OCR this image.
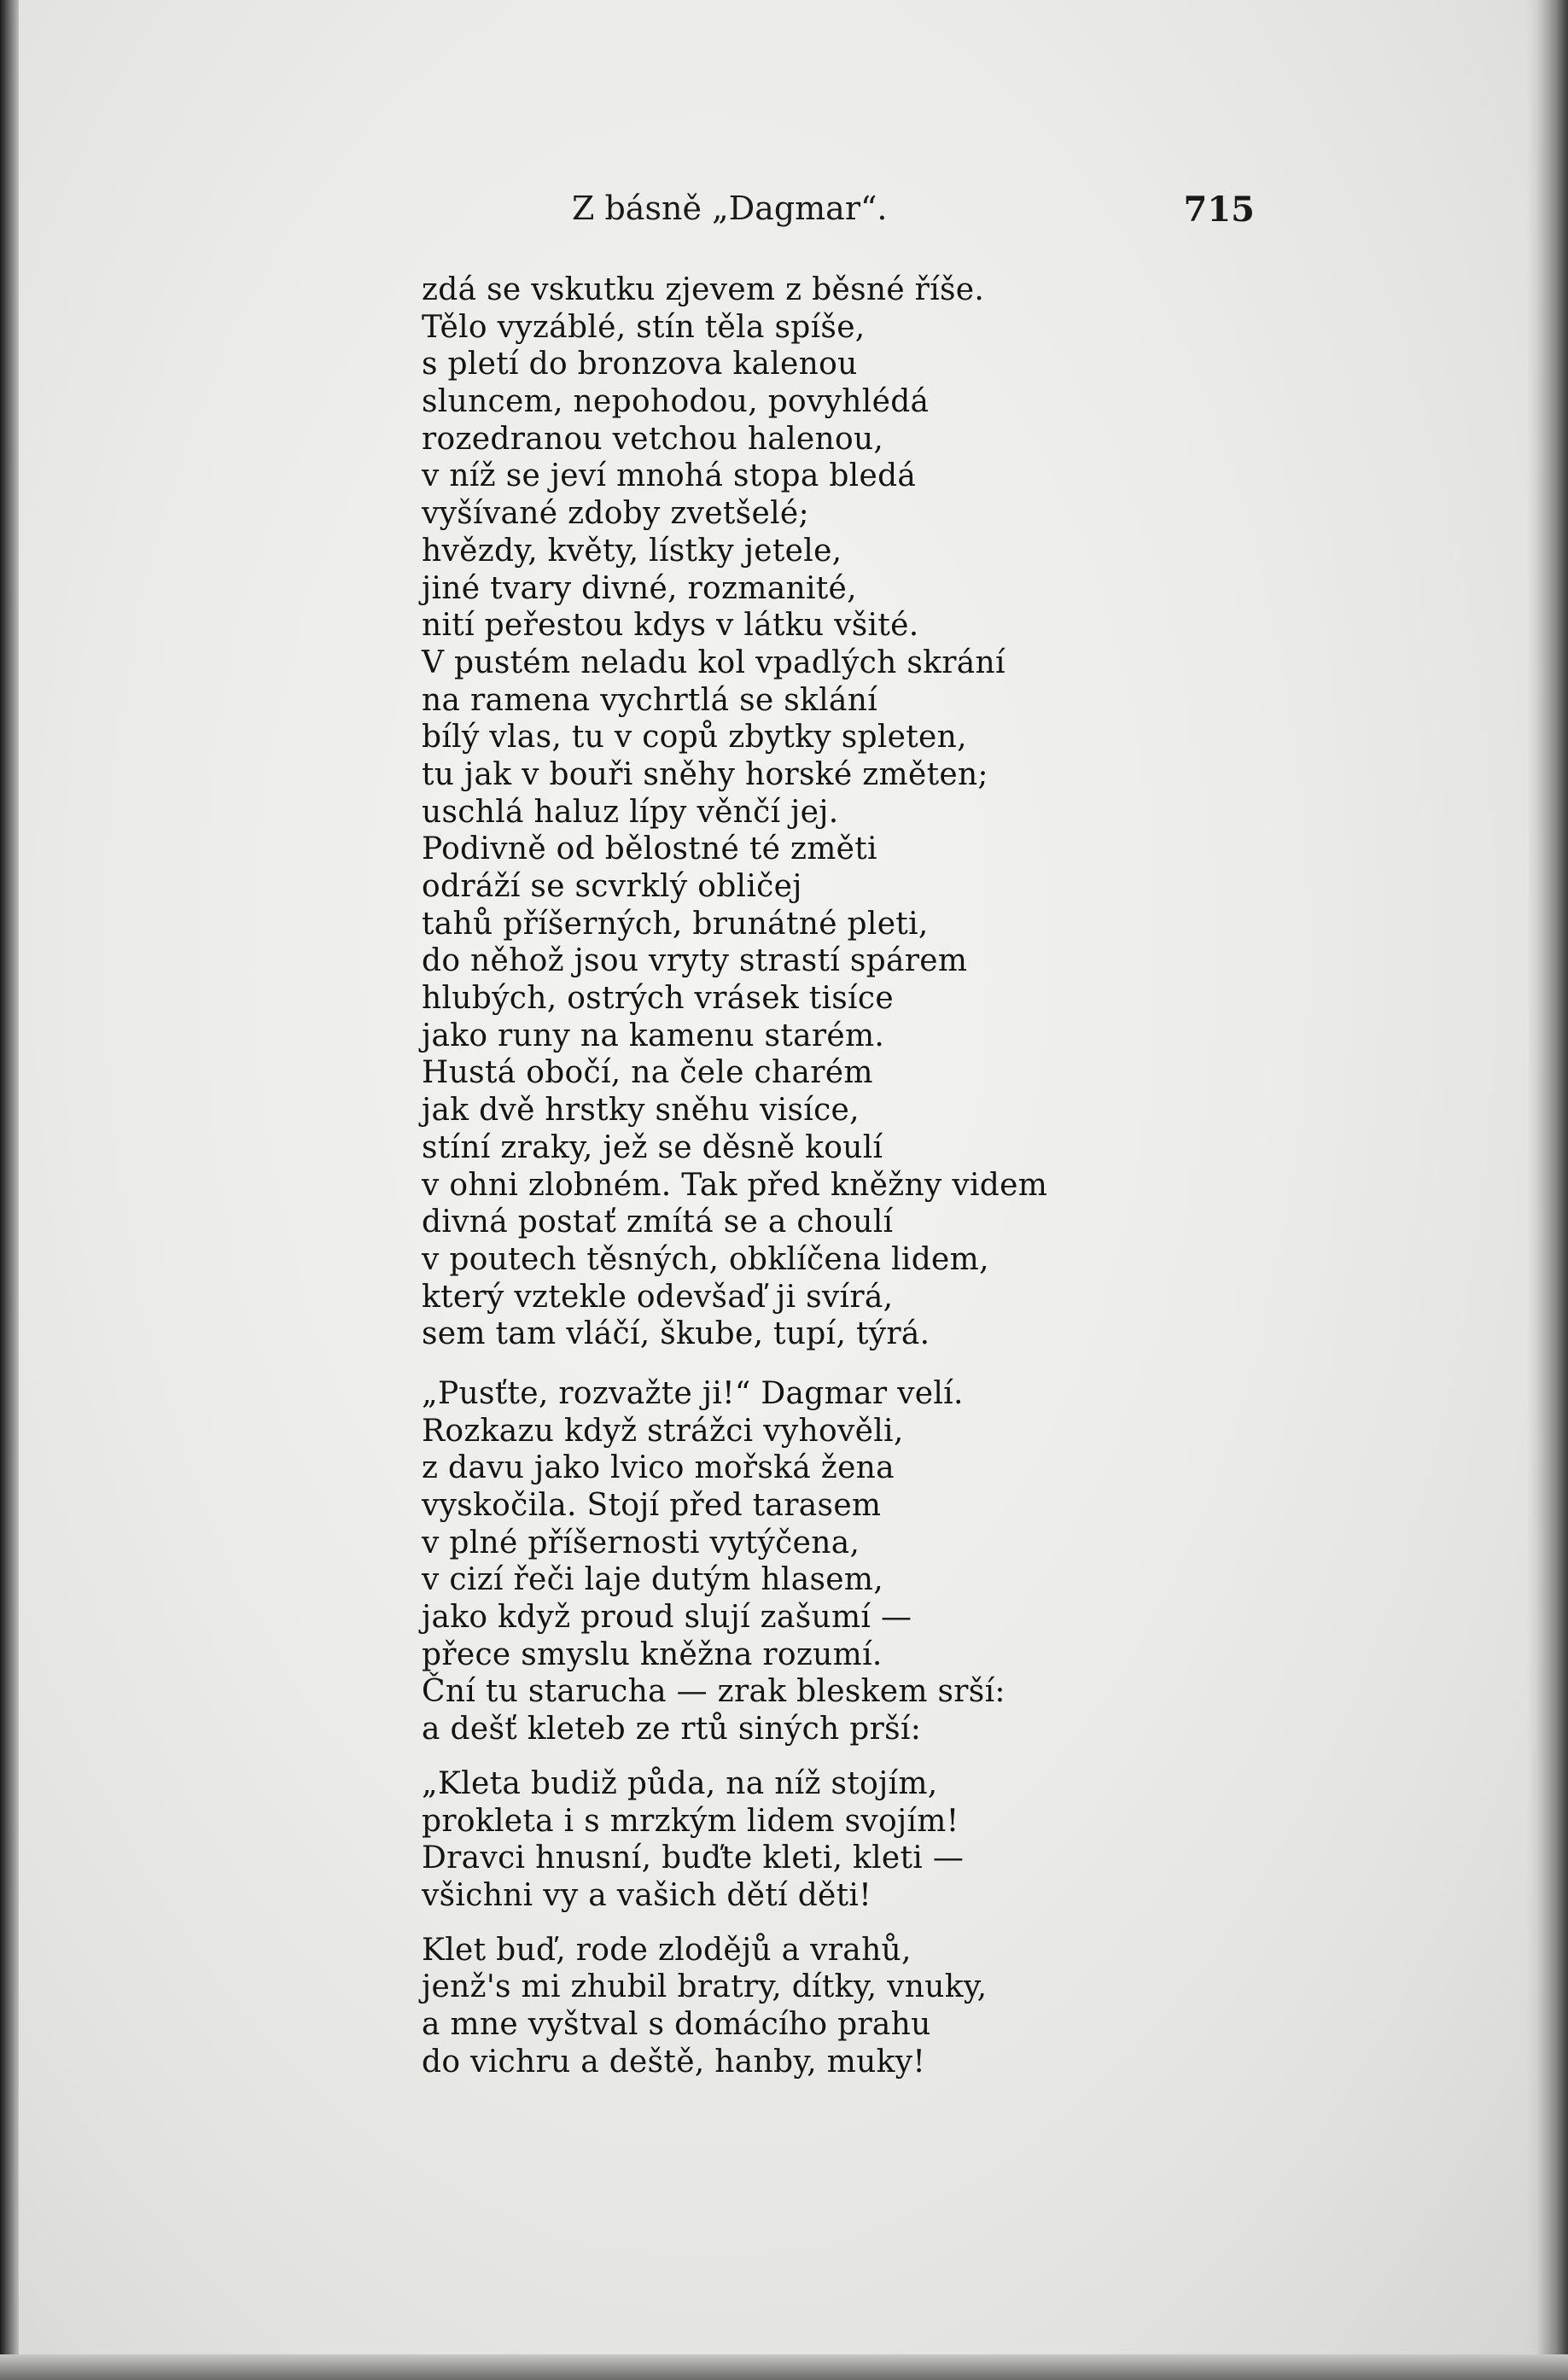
Z básně „Dagmar“.	715
zdá se vskutku zjevem z běsné říše.
Tělo vyzáblé, stín těla spíše,
s pletí do bronzova kalenou
sluncem, nepohodou, povyhlédá
rozedranou vetchou halenou,
v níž se jeví mnohá stopa bledá
vyšívané zdoby zvetšelé;
hvězdy, květy, lístky jetele,
jiné tvary divné, rozmanité,
nití peřestou kdys v látku všité.
V pustém neladu kol vpadlých skrání
na ramena vychrtlá se sklání
bílý vlas, tu v copů zbytky spleten,
tu jak v bouři sněhy horské změten;
uschlá haluz lípy věnčí jej.
Podivně od bělostné té změti
odráží se scvrklý obličej
tahů příšerných, brunátné pleti,
do něhož jsou vryty strastí spárem
hlubých, ostrých vrásek tisíce
jako runy na kamenu starém.
Hustá obočí, na čele charém
jak dvě hrstky sněhu visíce,
stíní zraky, jež se děsně koulí
v ohni zlobném. Tak před kněžny videm
divná postať zmítá se a choulí
v poutech těsných, obklíčena lidem,
který vztekle odevšaď ji svírá,
sem tam vláčí, škube, tupí, týrá.
„Pusťte, rozvažte ji!“ Dagmar velí.
Rozkazu když strážci vyhověli,
z davu jako lvico mořská žena
vyskočila. Stojí před tarasem
v plné příšernosti vytýčena,
v cizí řeči laje dutým hlasem,
jako když proud slují zašumí —
přece smyslu kněžna rozumí.
Ční tu starucha — zrak bleskem srší:
a dešť kleteb ze rtů siných prší:
„Kleta budiž půda, na níž stojím,
prokleta i s mrzkým lidem svojím!
Dravci hnusní, buďte kleti, kleti —
všichni vy a vašich dětí děti!
Klet buď, rode zlodějů a vrahů,
jenž's mi zhubil bratry, dítky, vnuky,
a mne vyštval s domácího prahu
do vichru a deště, hanby, muky!
